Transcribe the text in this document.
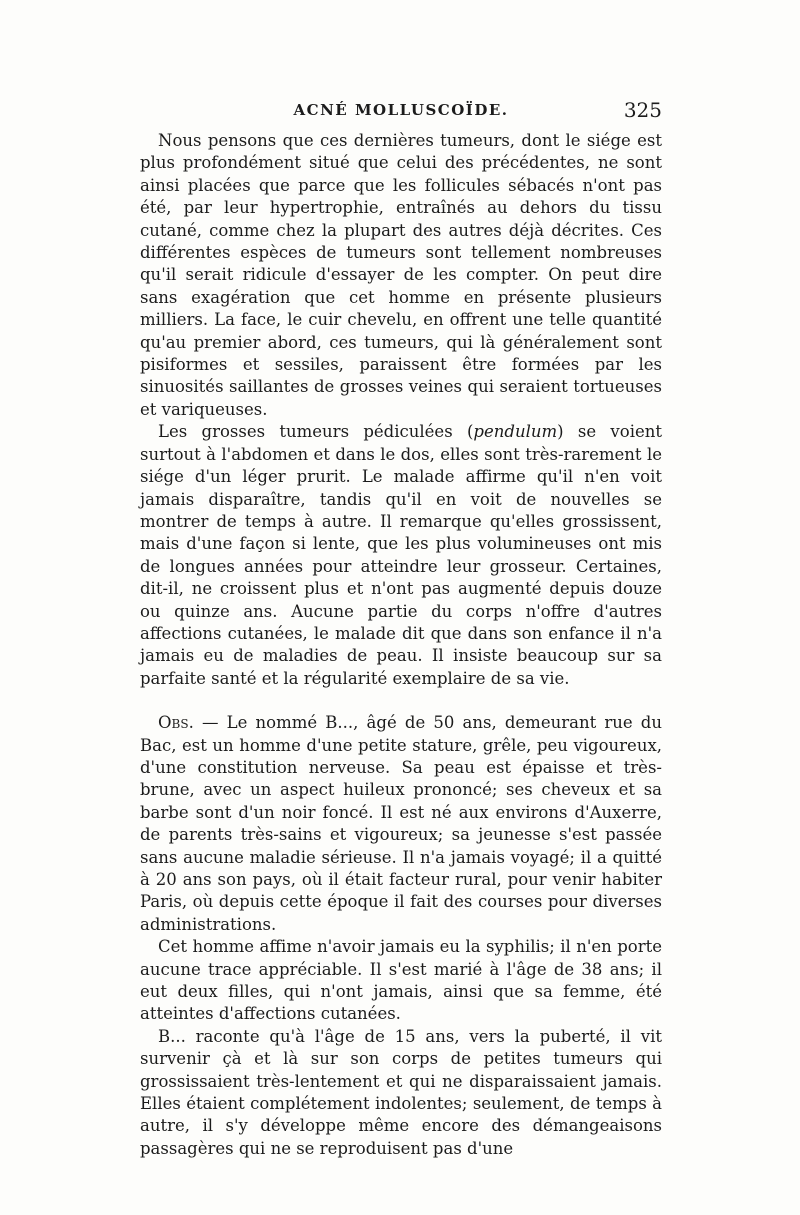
ACNÉ MOLLUSCOÏDE.	325

Nous pensons que ces dernières tumeurs, dont le siége est plus profondément situé que celui des précédentes, ne sont ainsi placées que parce que les follicules sébacés n'ont pas été, par leur hypertrophie, entraînés au dehors du tissu cutané, comme chez la plupart des autres déjà décrites. Ces différentes espèces de tumeurs sont tellement nombreuses qu'il serait ridicule d'essayer de les compter. On peut dire sans exagération que cet homme en présente plusieurs milliers. La face, le cuir chevelu, en offrent une telle quantité qu'au premier abord, ces tumeurs, qui là généralement sont pisiformes et sessiles, paraissent être formées par les sinuosités saillantes de grosses veines qui seraient tortueuses et variqueuses.

Les grosses tumeurs pédiculées (pendulum) se voient surtout à l'abdomen et dans le dos, elles sont très-rarement le siége d'un léger prurit. Le malade affirme qu'il n'en voit jamais disparaître, tandis qu'il en voit de nouvelles se montrer de temps à autre. Il remarque qu'elles grossissent, mais d'une façon si lente, que les plus volumineuses ont mis de longues années pour atteindre leur grosseur. Certaines, dit-il, ne croissent plus et n'ont pas augmenté depuis douze ou quinze ans. Aucune partie du corps n'offre d'autres affections cutanées, le malade dit que dans son enfance il n'a jamais eu de maladies de peau. Il insiste beaucoup sur sa parfaite santé et la régularité exemplaire de sa vie.

Obs. — Le nommé B..., âgé de 50 ans, demeurant rue du Bac, est un homme d'une petite stature, grêle, peu vigoureux, d'une constitution nerveuse. Sa peau est épaisse et très-brune, avec un aspect huileux prononcé; ses cheveux et sa barbe sont d'un noir foncé. Il est né aux environs d'Auxerre, de parents très-sains et vigoureux; sa jeunesse s'est passée sans aucune maladie sérieuse. Il n'a jamais voyagé; il a quitté à 20 ans son pays, où il était facteur rural, pour venir habiter Paris, où depuis cette époque il fait des courses pour diverses administrations.

Cet homme affime n'avoir jamais eu la syphilis; il n'en porte aucune trace appréciable. Il s'est marié à l'âge de 38 ans; il eut deux filles, qui n'ont jamais, ainsi que sa femme, été atteintes d'affections cutanées.

B... raconte qu'à l'âge de 15 ans, vers la puberté, il vit survenir çà et là sur son corps de petites tumeurs qui grossissaient très-lentement et qui ne disparaissaient jamais. Elles étaient complétement indolentes; seulement, de temps à autre, il s'y développe même encore des démangeaisons passagères qui ne se reproduisent pas d'une
